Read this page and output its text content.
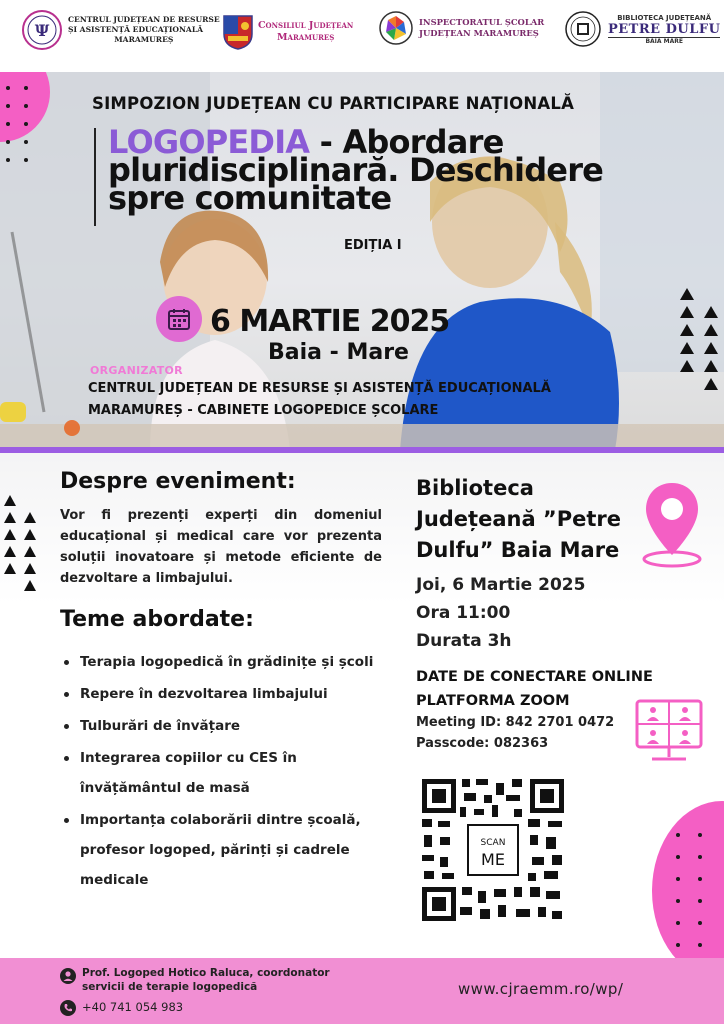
Ψ
CENTRUL JUDEȚEAN DE RESURSE
ȘI ASISTENȚĂ EDUCAȚIONALĂ
MARAMUREȘ
Consiliul Județean
Maramureș
INSPECTORATUL ȘCOLAR
JUDEȚEAN MARAMUREȘ
BIBLIOTECA JUDEȚEANĂ
PETRE DULFU
BAIA MARE
SIMPOZION JUDEȚEAN CU PARTICIPARE NAȚIONALĂ
LOGOPEDIA - Abordare pluridisciplinară. Deschidere spre comunitate
EDIȚIA I
6 MARTIE 2025
Baia - Mare
ORGANIZATOR
CENTRUL JUDEȚEAN DE RESURSE ȘI ASISTENȚĂ EDUCAȚIONALĂ
MARAMUREȘ - CABINETE LOGOPEDICE ȘCOLARE
Despre eveniment:
Vor fi prezenți experți din domeniul educațional și medical care vor prezenta soluții inovatoare și metode eficiente de dezvoltare a limbajului.
Teme abordate:
Terapia logopedică în grădinițe și școli
Repere în dezvoltarea limbajului
Tulburări de învățare
Integrarea copiilor cu CES în învățământul de masă
Importanța colaborării dintre școală, profesor logoped, părinți și cadrele medicale
Biblioteca Județeană ”Petre Dulfu” Baia Mare
Joi, 6 Martie 2025
Ora 11:00
Durata 3h
DATE DE CONECTARE ONLINE
PLATFORMA ZOOM
Meeting ID: 842 2701 0472
Passcode: 082363
SCAN
ME
Prof. Logoped Hotico Raluca, coordonator servicii de terapie logopedică
+40 741 054 983
www.cjraemm.ro/wp/
